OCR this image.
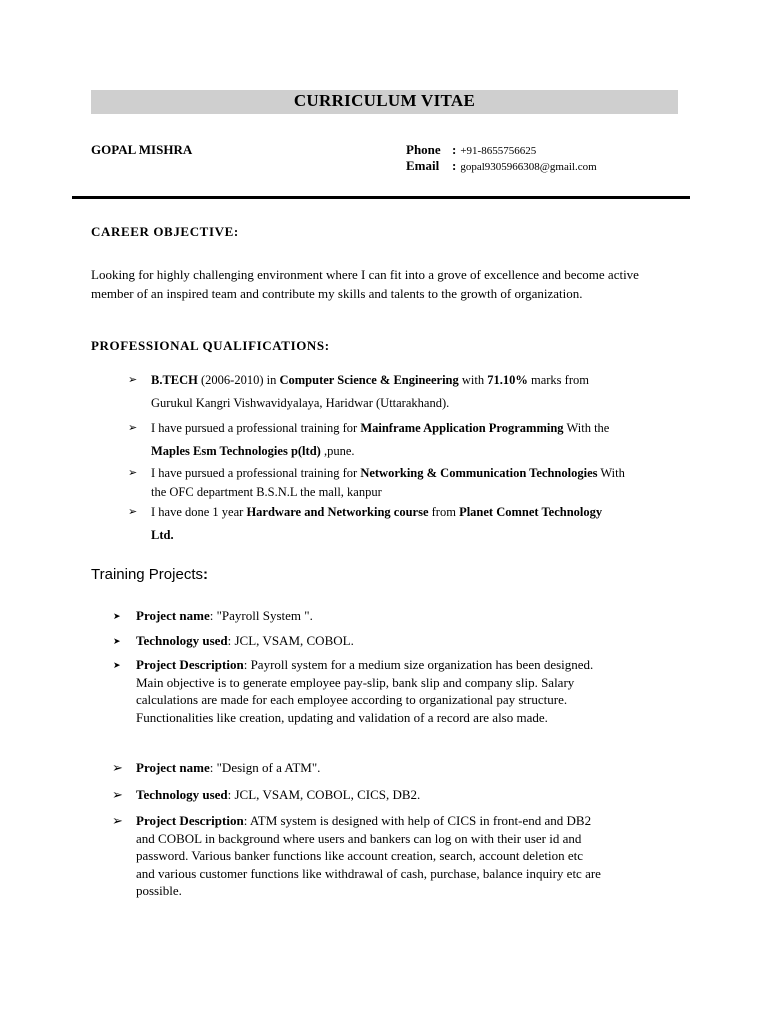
CURRICULUM VITAE
GOPAL MISHRA	Phone : +91-8655756625
Email : gopal9305966308@gmail.com
CAREER OBJECTIVE:
Looking for highly challenging environment where I can fit into a grove of excellence and become active
member of an inspired team and contribute my skills and talents to the growth of organization.
PROFESSIONAL QUALIFICATIONS:
➢ B.TECH (2006-2010) in Computer Science & Engineering with 71.10% marks from
Gurukul Kangri Vishwavidyalaya, Haridwar (Uttarakhand).
➢ I have pursued a professional training for Mainframe Application Programming With the
Maples Esm Technologies p(ltd) ,pune.
➢ I have pursued a professional training for Networking & Communication Technologies With
the OFC department B.S.N.L the mall, kanpur
➢ I have done 1 year Hardware and Networking course from Planet Comnet Technology
Ltd.
Training Projects:
➤ Project name: "Payroll System ".
➤ Technology used: JCL, VSAM, COBOL.
➤ Project Description: Payroll system for a medium size organization has been designed.
Main objective is to generate employee pay-slip, bank slip and company slip. Salary
calculations are made for each employee according to organizational pay structure.
Functionalities like creation, updating and validation of a record are also made.
➢ Project name: "Design of a ATM".
➢ Technology used: JCL, VSAM, COBOL, CICS, DB2.
➢ Project Description: ATM system is designed with help of CICS in front-end and DB2
and COBOL in background where users and bankers can log on with their user id and
password. Various banker functions like account creation, search, account deletion etc
and various customer functions like withdrawal of cash, purchase, balance inquiry etc are
possible.
